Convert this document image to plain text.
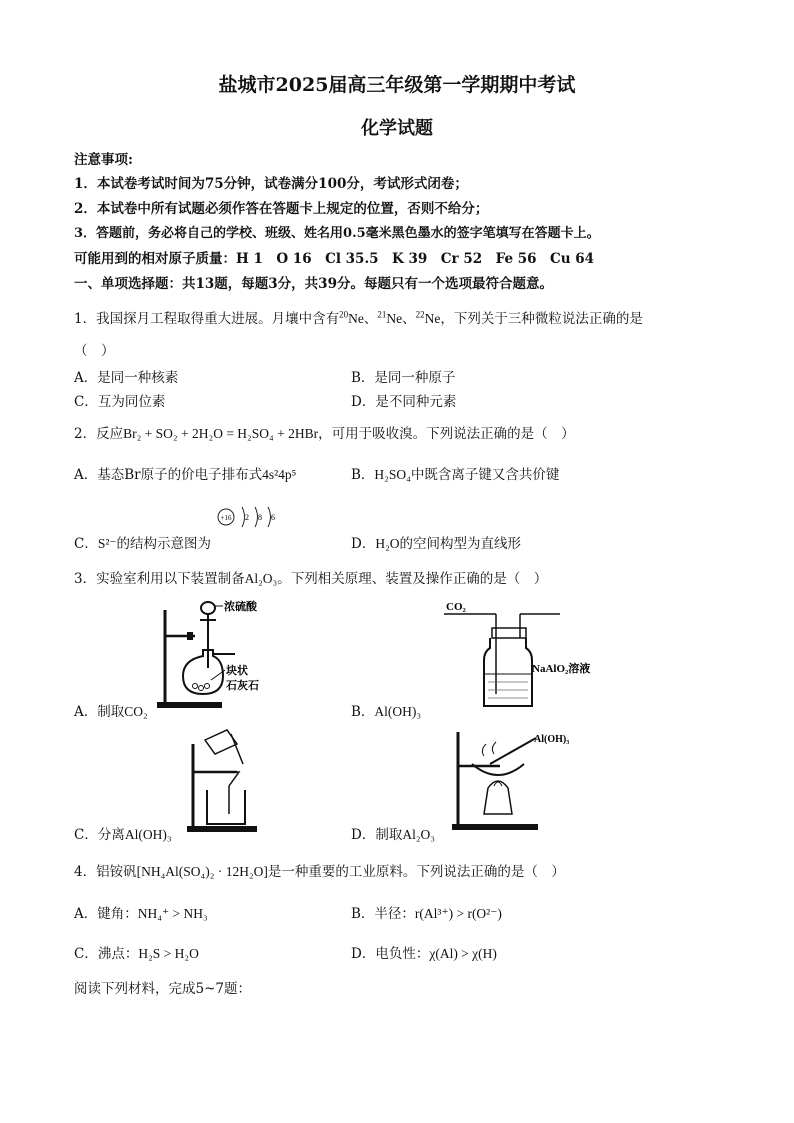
盐城市2025届高三年级第一学期期中考试
化学试题
注意事项:
1．本试卷考试时间为75分钟，试卷满分100分，考试形式闭卷；
2．本试卷中所有试题必须作答在答题卡上规定的位置，否则不给分；
3．答题前，务必将自己的学校、班级、姓名用0.5毫米黑色墨水的签字笔填写在答题卡上。
可能用到的相对原子质量：H 1　O 16　Cl 35.5　K 39　Cr 52　Fe 56　Cu 64
一、单项选择题：共13题，每题3分，共39分。每题只有一个选项最符合题意。
1．我国探月工程取得重大进展。月壤中含有$^{20}$Ne、$^{21}$Ne、$^{22}$Ne，下列关于三种微粒说法正确的是
（　）
A．是同一种核素	B．是同一种原子
C．互为同位素	D．是不同种元素
2．反应Br₂ + SO₂ + 2H₂O = H₂SO₄ + 2HBr，可用于吸收溴。下列说法正确的是（　）
A．基态Br原子的价电子排布式4s²4p⁵	B．H₂SO₄中既含离子键又含共价键
C．S²⁻的结构示意图为
+16 2 8 6
D．H₂O的空间构型为直线形
3．实验室利用以下装置制备Al₂O₃。下列相关原理、装置及操作正确的是（　）
浓硫酸
块状
石灰石
A．制取CO₂
CO₂
NaAlO₂溶液
B．Al(OH)₃
C．分离Al(OH)₃
Al(OH)₃
D．制取Al₂O₃
4．铝铵矾[NH₄Al(SO₄)₂ · 12H₂O]是一种重要的工业原料。下列说法正确的是（　）
A．键角：NH₄⁺ > NH₃	B．半径：r(Al³⁺) > r(O²⁻)
C．沸点：H₂S > H₂O	D．电负性：χ(Al) > χ(H)
阅读下列材料，完成5~7题：
